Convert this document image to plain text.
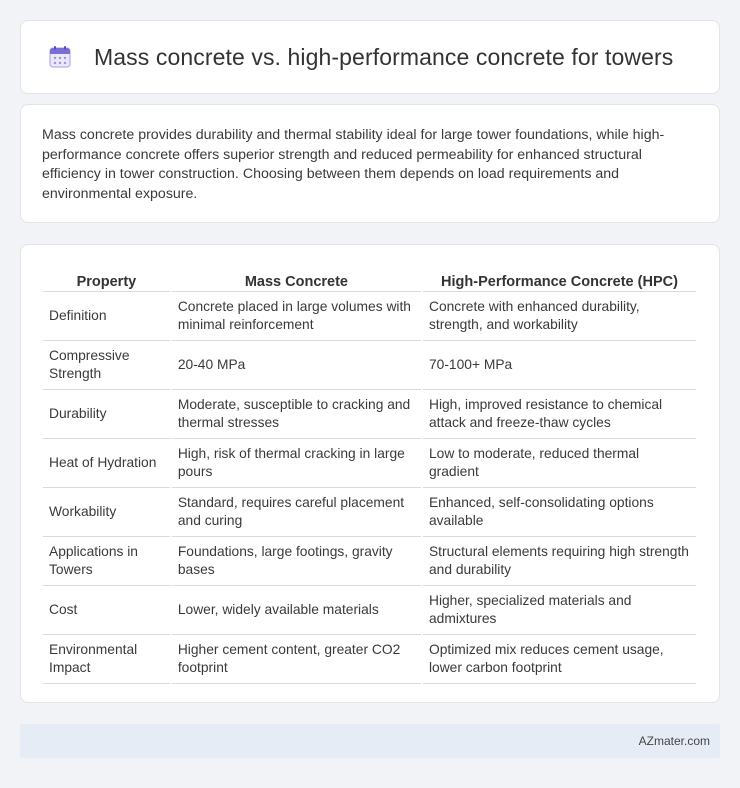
Mass concrete vs. high-performance concrete for towers

Mass concrete provides durability and thermal stability ideal for large tower foundations, while high-performance concrete offers superior strength and reduced permeability for enhanced structural efficiency in tower construction. Choosing between them depends on load requirements and environmental exposure.

Property	Mass Concrete	High-Performance Concrete (HPC)
Definition	Concrete placed in large volumes with minimal reinforcement	Concrete with enhanced durability, strength, and workability
Compressive Strength	20-40 MPa	70-100+ MPa
Durability	Moderate, susceptible to cracking and thermal stresses	High, improved resistance to chemical attack and freeze-thaw cycles
Heat of Hydration	High, risk of thermal cracking in large pours	Low to moderate, reduced thermal gradient
Workability	Standard, requires careful placement and curing	Enhanced, self-consolidating options available
Applications in Towers	Foundations, large footings, gravity bases	Structural elements requiring high strength and durability
Cost	Lower, widely available materials	Higher, specialized materials and admixtures
Environmental Impact	Higher cement content, greater CO2 footprint	Optimized mix reduces cement usage, lower carbon footprint
AZmater.com
